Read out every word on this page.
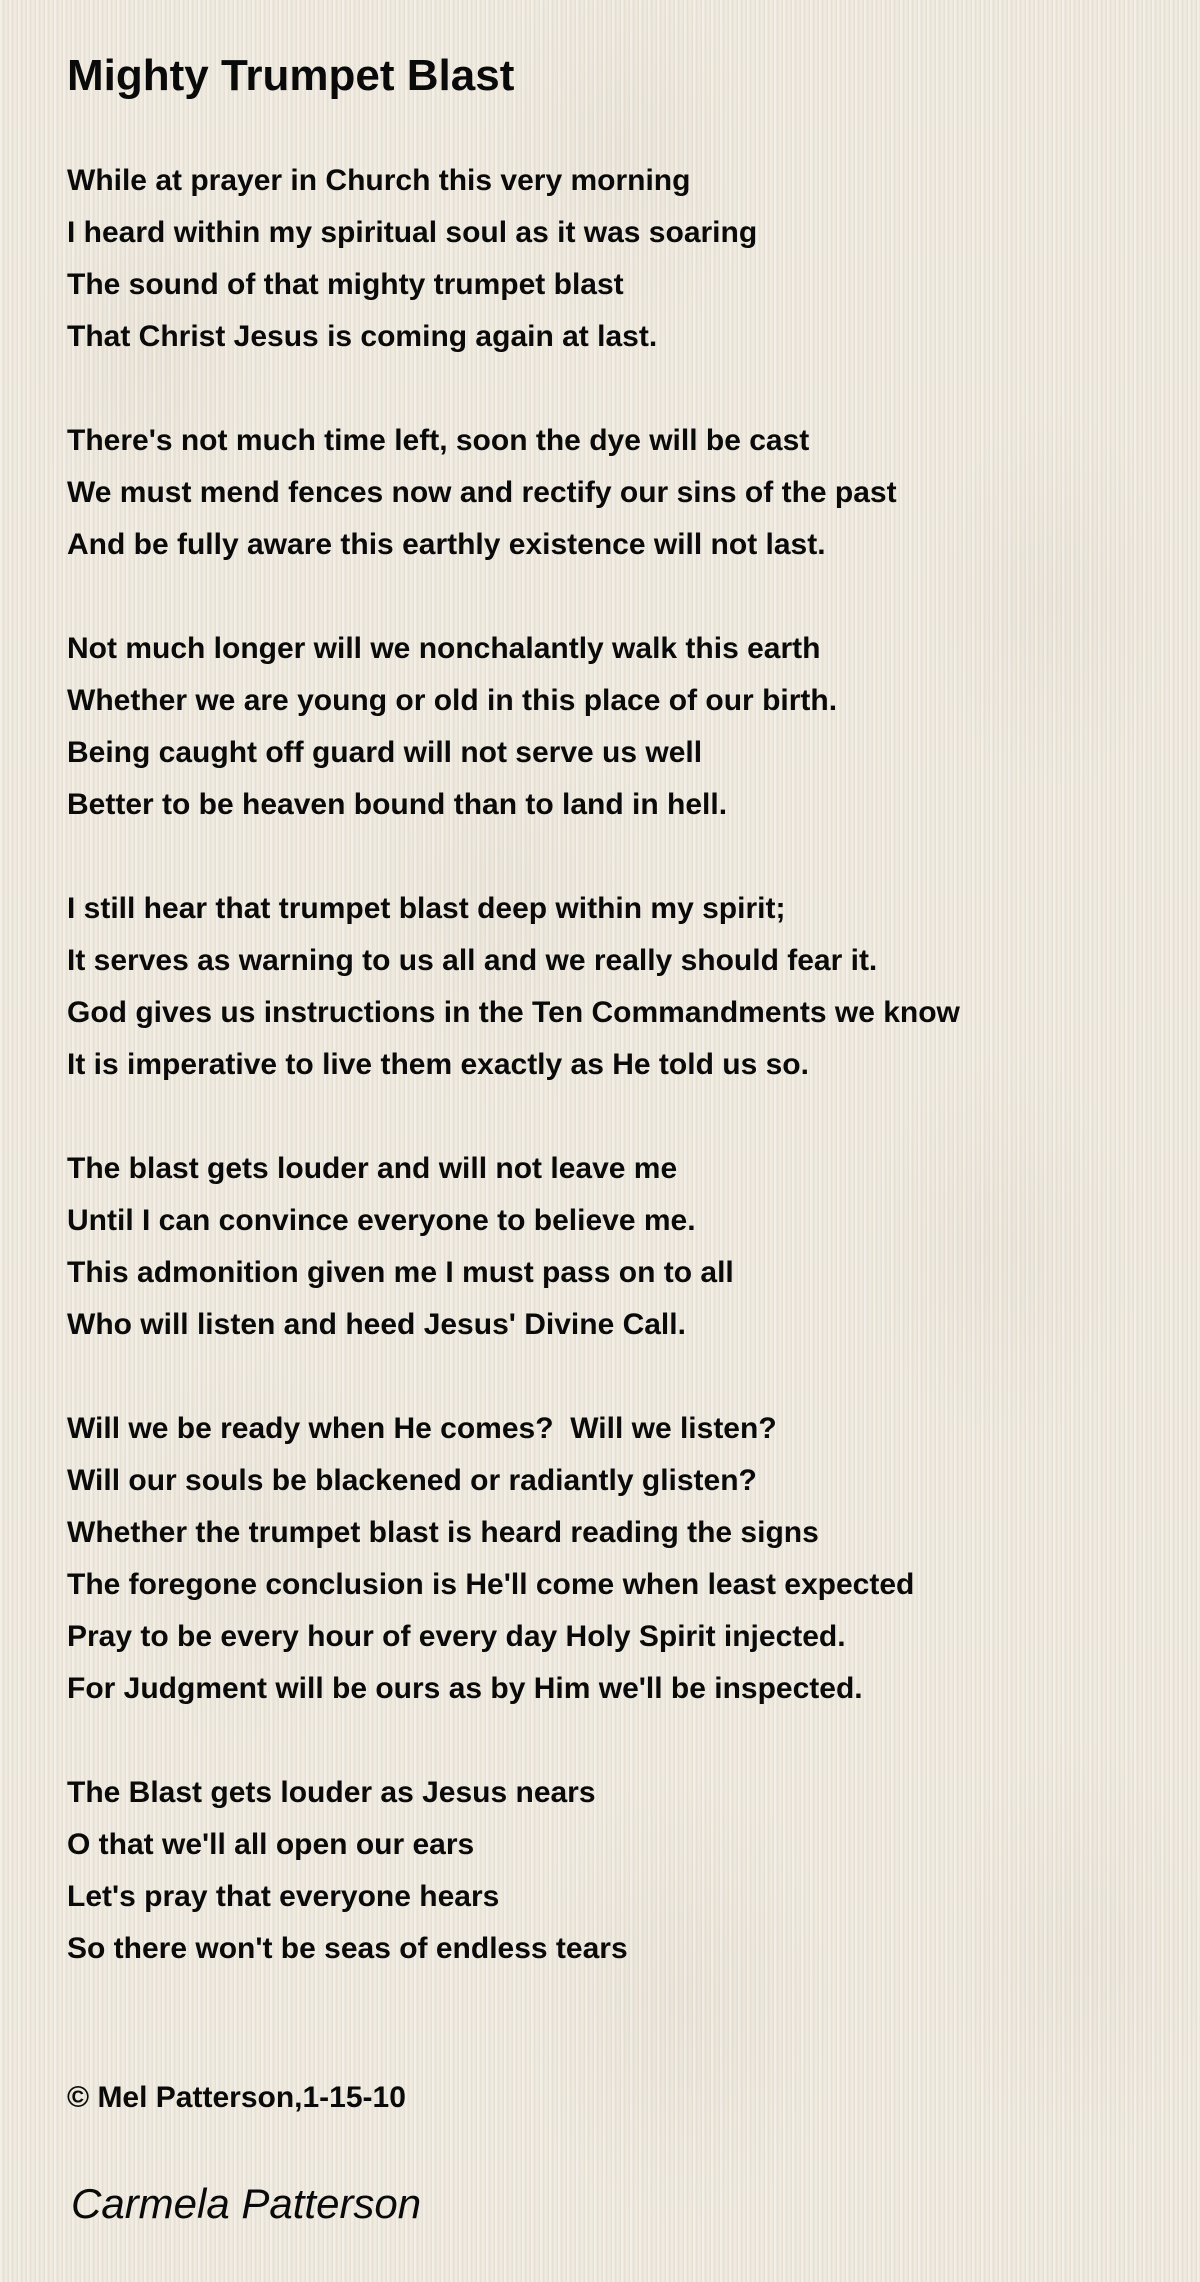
Mighty Trumpet Blast
While at prayer in Church this very morning
I heard within my spiritual soul as it was soaring
The sound of that mighty trumpet blast
That Christ Jesus is coming again at last.
There's not much time left, soon the dye will be cast
We must mend fences now and rectify our sins of the past
And be fully aware this earthly existence will not last.
Not much longer will we nonchalantly walk this earth
Whether we are young or old in this place of our birth.
Being caught off guard will not serve us well
Better to be heaven bound than to land in hell.
I still hear that trumpet blast deep within my spirit;
It serves as warning to us all and we really should fear it.
God gives us instructions in the Ten Commandments we know
It is imperative to live them exactly as He told us so.
The blast gets louder and will not leave me
Until I can convince everyone to believe me.
This admonition given me I must pass on to all
Who will listen and heed Jesus' Divine Call.
Will we be ready when He comes?  Will we listen?
Will our souls be blackened or radiantly glisten?
Whether the trumpet blast is heard reading the signs
The foregone conclusion is He'll come when least expected
Pray to be every hour of every day Holy Spirit injected.
For Judgment will be ours as by Him we'll be inspected.
The Blast gets louder as Jesus nears
O that we'll all open our ears
Let's pray that everyone hears
So there won't be seas of endless tears
© Mel Patterson,1-15-10
Carmela Patterson
